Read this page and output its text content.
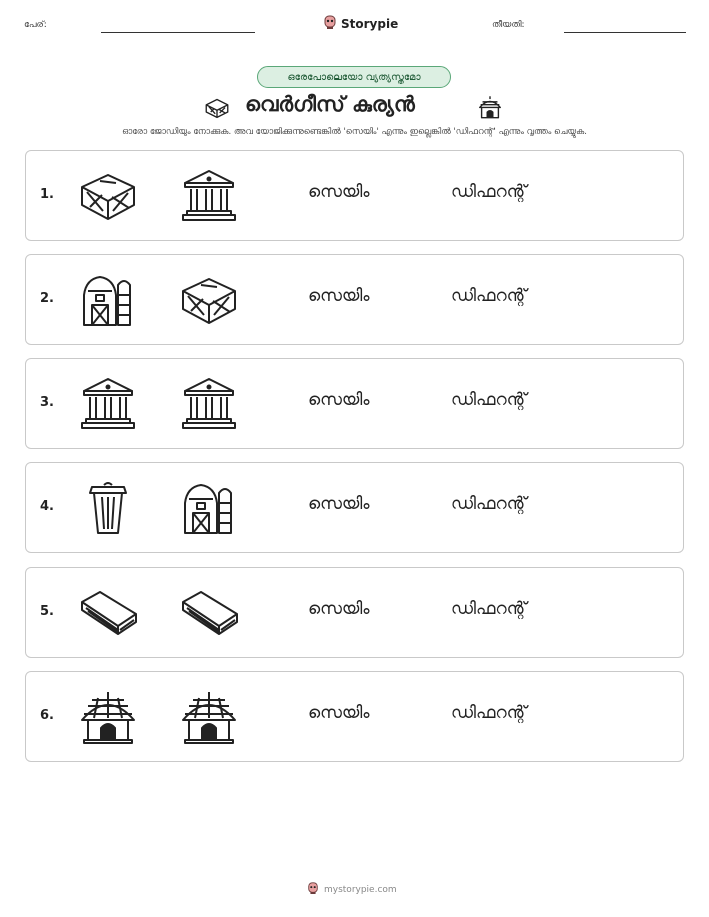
പേര്:	Storypie	തീയതി:
ഒരേപോലെയോ വ്യത്യസ്തമോ
വെർഗീസ് കുര്യൻ
ഓരോ ജോഡിയും നോക്കുക. അവ യോജിക്കുന്നുണ്ടെങ്കിൽ 'സെയിം' എന്നും ഇല്ലെങ്കിൽ 'ഡിഫറന്റ്' എന്നും വൃത്തം ചെയ്യുക.
1.	സെയിം	ഡിഫറന്റ്
2.	സെയിം	ഡിഫറന്റ്
3.	സെയിം	ഡിഫറന്റ്
4.	സെയിം	ഡിഫറന്റ്
5.	സെയിം	ഡിഫറന്റ്
6.	സെയിം	ഡിഫറന്റ്
mystorypie.com
